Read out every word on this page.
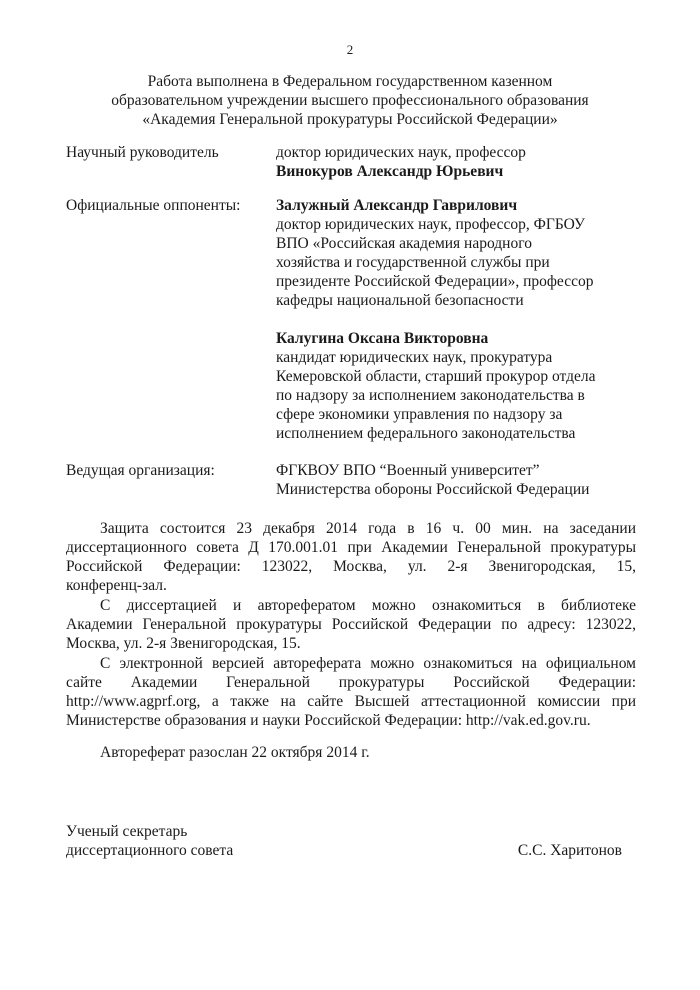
2
Работа выполнена в Федеральном государственном казенном
образовательном учреждении высшего профессионального образования
«Академия Генеральной прокуратуры Российской Федерации»
Научный руководитель	доктор юридических наук, профессор
Винокуров Александр Юрьевич
Официальные оппоненты: Залужный Александр Гаврилович
доктор юридических наук, профессор, ФГБОУ
ВПО «Российская академия народного
хозяйства и государственной службы при
президенте Российской Федерации», профессор
кафедры национальной безопасности
Калугина Оксана Викторовна
кандидат юридических наук, прокуратура
Кемеровской области, старший прокурор отдела
по надзору за исполнением законодательства в
сфере экономики управления по надзору за
исполнением федерального законодательства
Ведущая организация:	ФГКВОУ ВПО “Военный университет”
Министерства обороны Российской Федерации
Защита состоится 23 декабря 2014 года в 16 ч. 00 мин. на заседании
диссертационного совета Д 170.001.01 при Академии Генеральной прокуратуры
Российской Федерации: 123022, Москва, ул. 2-я Звенигородская, 15,
конференц-зал.
С диссертацией и авторефератом можно ознакомиться в библиотеке
Академии Генеральной прокуратуры Российской Федерации по адресу: 123022,
Москва, ул. 2-я Звенигородская, 15.
С электронной версией автореферата можно ознакомиться на официальном
сайте Академии Генеральной прокуратуры Российской Федерации:
http://www.agprf.org, а также на сайте Высшей аттестационной комиссии при
Министерстве образования и науки Российской Федерации: http://vak.ed.gov.ru.
Автореферат разослан 22 октября 2014 г.
Ученый секретарь
диссертационного совета	С.С. Харитонов
